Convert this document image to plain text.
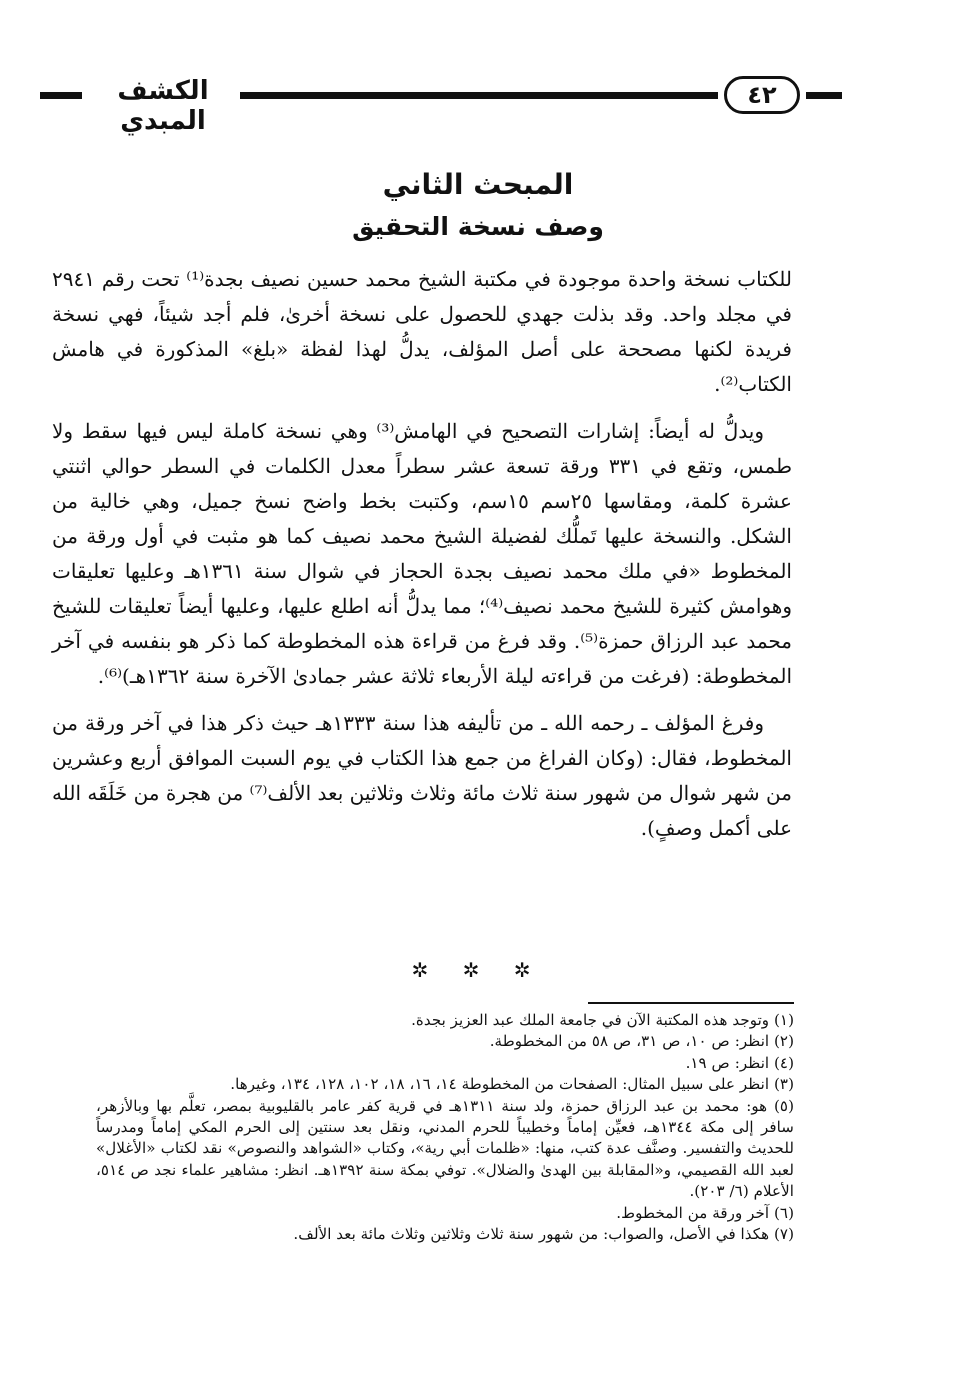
الكشف المبدي
٤٢
المبحث الثاني
وصف نسخة التحقيق

للكتاب نسخة واحدة موجودة في مكتبة الشيخ محمد حسين نصيف بجدة⁽¹⁾ تحت رقم ٢٩٤١ في مجلد واحد. وقد بذلت جهدي للحصول على نسخة أخرىٰ، فلم أجد شيئاً، فهي نسخة فريدة لكنها مصححة على أصل المؤلف، يدلُّ لهذا لفظة «بلغ» المذكورة في هامش الكتاب⁽²⁾.

ويدلُّ له أيضاً: إشارات التصحيح في الهامش⁽³⁾ وهي نسخة كاملة ليس فيها سقط ولا طمس، وتقع في ٣٣١ ورقة تسعة عشر سطراً معدل الكلمات في السطر حوالي اثنتي عشرة كلمة، ومقاسها ٢٥سم ١٥سم، وكتبت بخط واضح نسخ جميل، وهي خالية من الشكل. والنسخة عليها تَملُّك لفضيلة الشيخ محمد نصيف كما هو مثبت في أول ورقة من المخطوط «في ملك محمد نصيف بجدة الحجاز في شوال سنة ١٣٦١هـ وعليها تعليقات وهوامش كثيرة للشيخ محمد نصيف⁽⁴⁾؛ مما يدلُّ أنه اطلع عليها، وعليها أيضاً تعليقات للشيخ محمد عبد الرزاق حمزة⁽⁵⁾. وقد فرغ من قراءة هذه المخطوطة كما ذكر هو بنفسه في آخر المخطوطة: (فرغت من قراءته ليلة الأربعاء ثلاثة عشر جمادىٰ الآخرة سنة ١٣٦٢هـ)⁽⁶⁾.

وفرغ المؤلف ـ رحمه الله ـ من تأليفه هذا سنة ١٣٣٣هـ حيث ذكر هذا في آخر ورقة من المخطوط، فقال: (وكان الفراغ من جمع هذا الكتاب في يوم السبت الموافق أربع وعشرين من شهر شوال من شهور سنة ثلاث مائة وثلاث وثلاثين بعد الألف⁽⁷⁾ من هجرة من خَلَقَه الله على أكمل وصفٍ).

✲ ✲ ✲

(١) وتوجد هذه المكتبة الآن في جامعة الملك عبد العزيز بجدة.

(٢) انظر: ص ١٠، ص ٣١، ص ٥٨ من المخطوطة.

(٤) انظر: ص ١٩.

(٣) انظر على سبيل المثال: الصفحات من المخطوطة ١٤، ١٦، ١٨، ١٠٢، ١٢٨، ١٣٤، وغيرها.

(٥) هو: محمد بن عبد الرزاق حمزة، ولد سنة ١٣١١هـ في قرية كفر عامر بالقليوبية بمصر، تعلَّم بها وبالأزهر، سافر إلى مكة ١٣٤٤هـ، فعيِّن إماماً وخطيباً للحرم المدني، ونقل بعد سنتين إلى الحرم المكي إماماً ومدرساً للحديث والتفسير. وصنَّف عدة كتب، منها: «ظلمات أبي رية»، وكتاب «الشواهد والنصوص» نقد لكتاب «الأغلال» لعبد الله القصيمي، و«المقابلة بين الهدىٰ والضلال». توفي بمكة سنة ١٣٩٢هـ. انظر: مشاهير علماء نجد ص ٥١٤، الأعلام (٦/ ٢٠٣).

(٦) آخر ورقة من المخطوط.

(٧) هكذا في الأصل، والصواب: من شهور سنة ثلاث وثلاثين وثلاث مائة بعد الألف.
